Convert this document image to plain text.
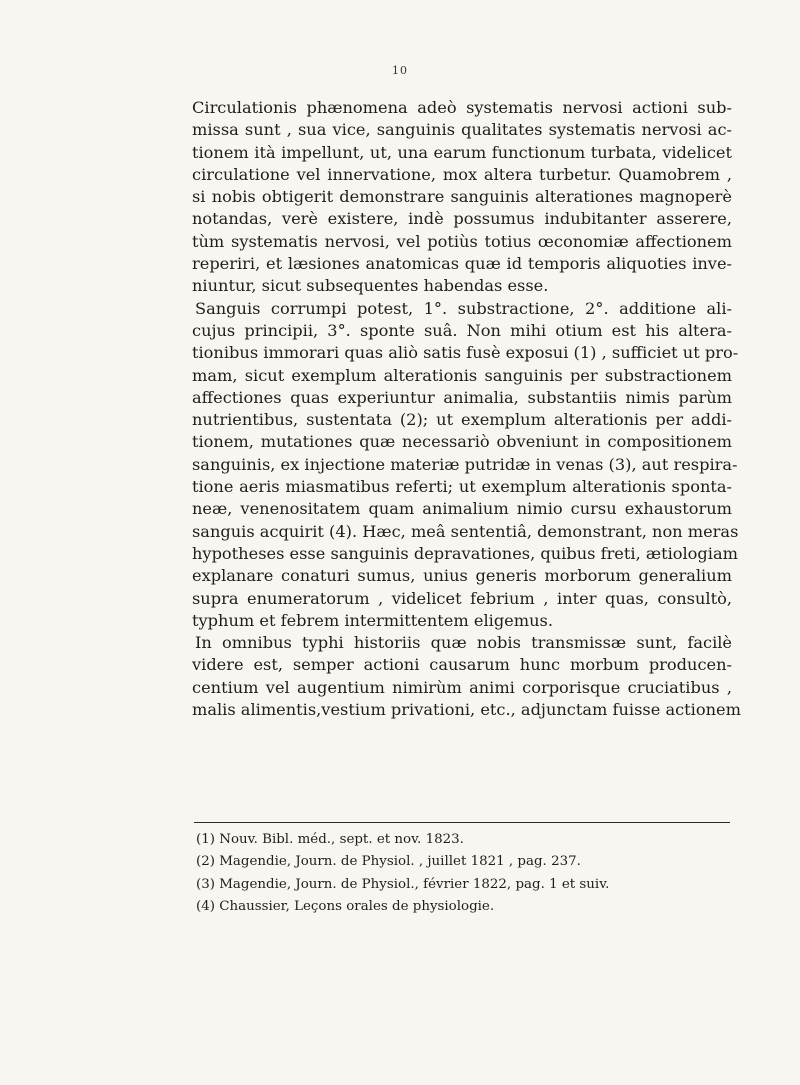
10
Circulationis phænomena adeò systematis nervosi actioni sub-
missa sunt , sua vice, sanguinis qualitates systematis nervosi ac-
tionem ità impellunt, ut, una earum functionum turbata, videlicet
circulatione vel innervatione, mox altera turbetur. Quamobrem ,
si nobis obtigerit demonstrare sanguinis alterationes magnoperè
notandas, verè existere, indè possumus indubitanter asserere,
tùm systematis nervosi, vel potiùs totius œconomiæ affectionem
reperiri, et læsiones anatomicas quæ id temporis aliquoties inve-
niuntur, sicut subsequentes habendas esse.
Sanguis corrumpi potest, 1°. substractione, 2°. additione ali-
cujus principii, 3°. sponte suâ. Non mihi otium est his altera-
tionibus immorari quas aliò satis fusè exposui (1) , sufficiet ut pro-
mam, sicut exemplum alterationis sanguinis per substractionem
affectiones quas experiuntur animalia, substantiis nimis parùm
nutrientibus, sustentata (2); ut exemplum alterationis per addi-
tionem, mutationes quæ necessariò obveniunt in compositionem
sanguinis, ex injectione materiæ putridæ in venas (3), aut respira-
tione aeris miasmatibus referti; ut exemplum alterationis sponta-
neæ, venenositatem quam animalium nimio cursu exhaustorum
sanguis acquirit (4). Hæc, meâ sententiâ, demonstrant, non meras
hypotheses esse sanguinis depravationes, quibus freti, ætiologiam
explanare conaturi sumus, unius generis morborum generalium
supra enumeratorum , videlicet febrium , inter quas, consultò,
typhum et febrem intermittentem eligemus.
In omnibus typhi historiis quæ nobis transmissæ sunt, facilè
videre est, semper actioni causarum hunc morbum producen-
centium vel augentium nimirùm animi corporisque cruciatibus ,
malis alimentis,vestium privationi, etc., adjunctam fuisse actionem
(1) Nouv. Bibl. méd., sept. et nov. 1823.
(2) Magendie, Journ. de Physiol. , juillet 1821 , pag. 237.
(3) Magendie, Journ. de Physiol., février 1822, pag. 1 et suiv.
(4) Chaussier, Leçons orales de physiologie.
